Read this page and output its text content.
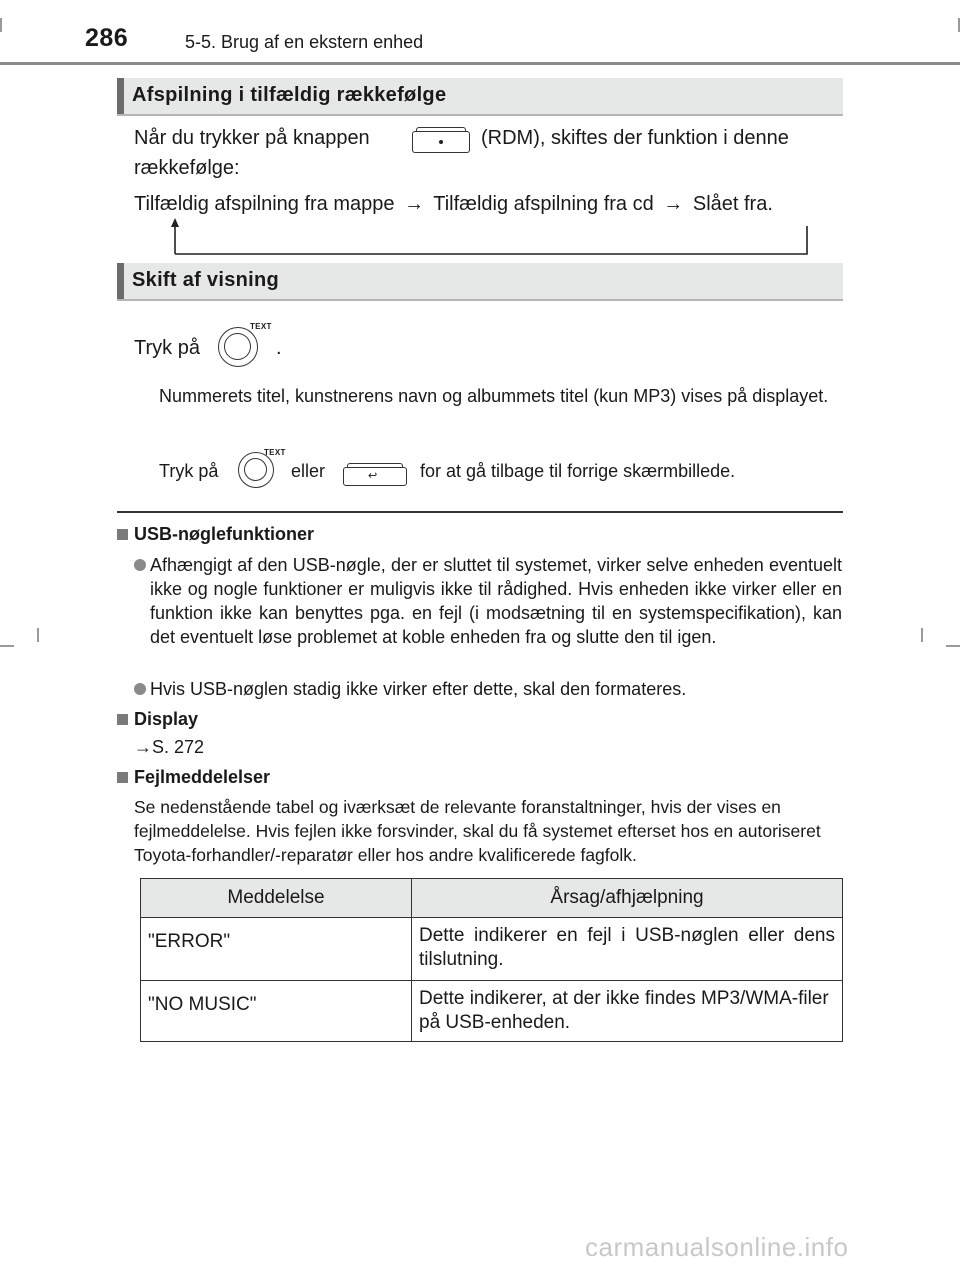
286	5-5. Brug af en ekstern enhed
Afspilning i tilfældig rækkefølge
Når du trykker på knappen	(RDM), skiftes der funktion i denne
rækkefølge:
Tilfældig afspilning fra mappe → Tilfældig afspilning fra cd → Slået fra.
Skift af visning
Tryk på
TEXT
.
Nummerets titel, kunstnerens navn og albummets titel (kun MP3) vises på displayet.
Tryk på
TEXT
eller	↩ for at gå tilbage til forrige skærmbillede.
USB-nøglefunktioner
Afhængigt af den USB-nøgle, der er sluttet til systemet, virker selve enheden eventuelt ikke og nogle funktioner er muligvis ikke til rådighed. Hvis enheden ikke virker eller en funktion ikke kan benyttes pga. en fejl (i modsætning til en systemspecifikation), kan det eventuelt løse problemet at koble enheden fra og slutte den til igen.
Hvis USB-nøglen stadig ikke virker efter dette, skal den formateres.
Display
→S. 272
Fejlmeddelelser
Se nedenstående tabel og iværksæt de relevante foranstaltninger, hvis der vises en fejlmeddelelse. Hvis fejlen ikke forsvinder, skal du få systemet efterset hos en autoriseret Toyota-forhandler/-reparatør eller hos andre kvalificerede fagfolk.
Meddelelse	Årsag/afhjælpning
"ERROR"	Dette indikerer en fejl i USB-nøglen eller dens tilslutning.
"NO MUSIC"	Dette indikerer, at der ikke findes MP3/WMA-filer på USB-enheden.
carmanualsonline.info
